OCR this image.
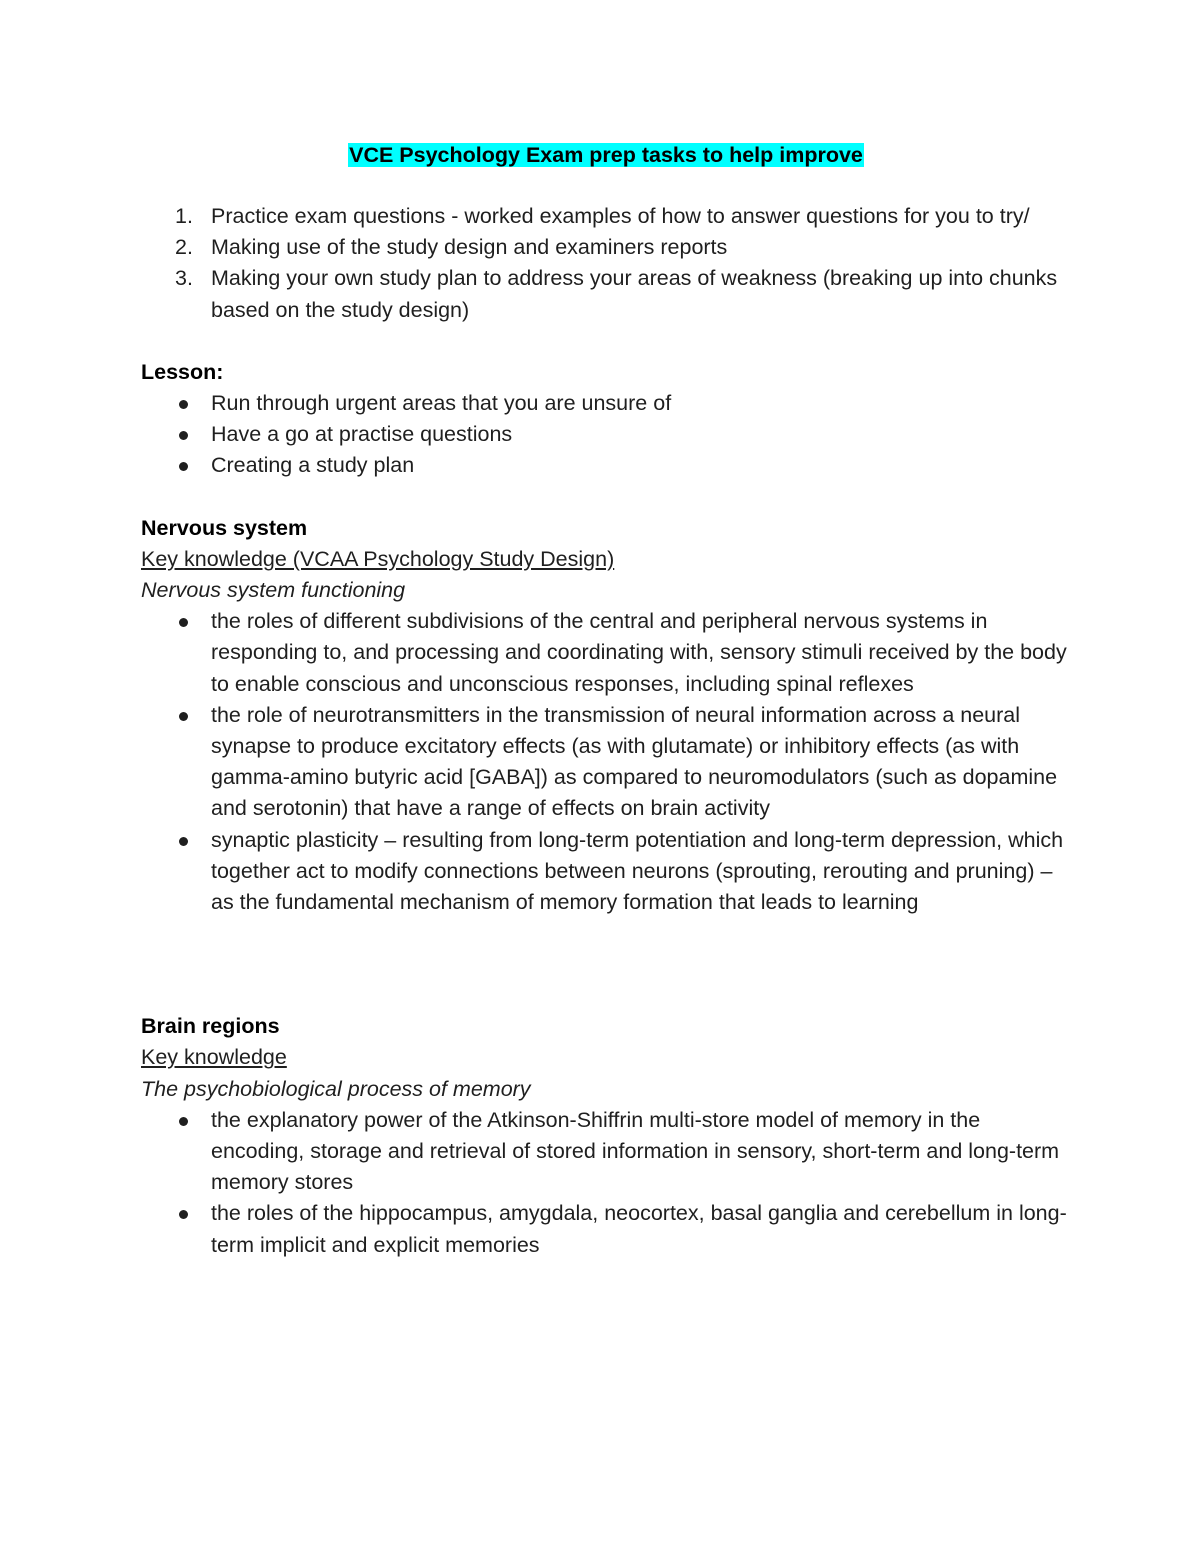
VCE Psychology Exam prep tasks to help improve
1. Practice exam questions - worked examples of how to answer questions for you to try/
2. Making use of the study design and examiners reports
3. Making your own study plan to address your areas of weakness (breaking up into chunks based on the study design)
Lesson:
Run through urgent areas that you are unsure of
Have a go at practise questions
Creating a study plan
Nervous system
Key knowledge (VCAA Psychology Study Design)
Nervous system functioning
the roles of different subdivisions of the central and peripheral nervous systems in responding to, and processing and coordinating with, sensory stimuli received by the body to enable conscious and unconscious responses, including spinal reflexes
the role of neurotransmitters in the transmission of neural information across a neural synapse to produce excitatory effects (as with glutamate) or inhibitory effects (as with gamma-amino butyric acid [GABA]) as compared to neuromodulators (such as dopamine and serotonin) that have a range of effects on brain activity
synaptic plasticity – resulting from long-term potentiation and long-term depression, which together act to modify connections between neurons (sprouting, rerouting and pruning) – as the fundamental mechanism of memory formation that leads to learning
Brain regions
Key knowledge
The psychobiological process of memory
the explanatory power of the Atkinson-Shiffrin multi-store model of memory in the encoding, storage and retrieval of stored information in sensory, short-term and long-term memory stores
the roles of the hippocampus, amygdala, neocortex, basal ganglia and cerebellum in long-term implicit and explicit memories
